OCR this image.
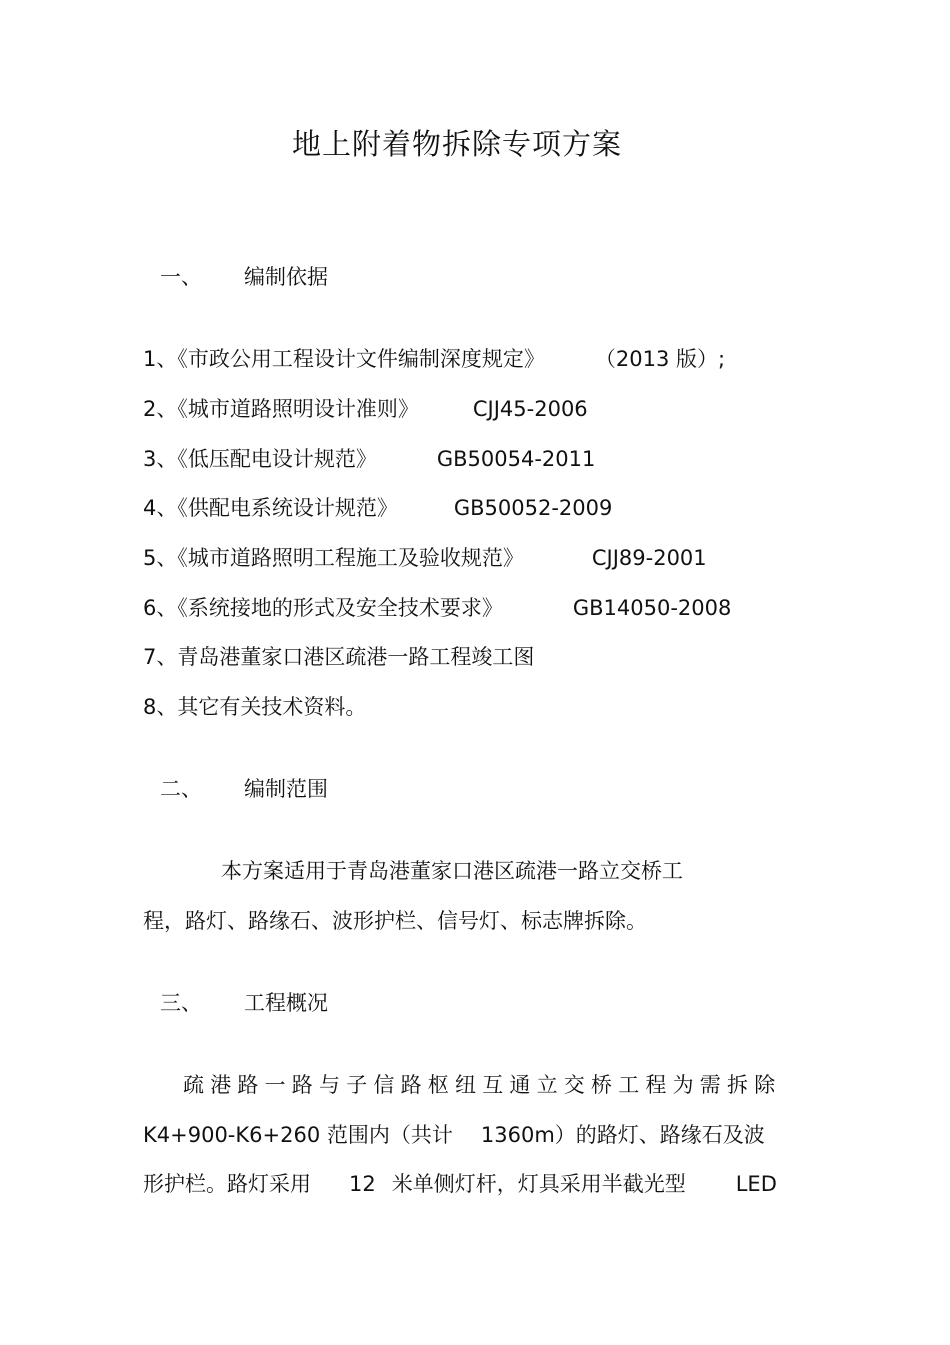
地上附着物拆除专项方案
一、 编制依据
1、《市政公用工程设计文件编制深度规定》 （2013 版）;
2、《城市道路照明设计准则》	CJJ45-2006
3、《低压配电设计规范》	GB50054-2011
4、《供配电系统设计规范》	GB50052-2009
5、《城市道路照明工程施工及验收规范》	CJJ89-2001
6、《系统接地的形式及安全技术要求》	GB14050-2008
7、青岛港董家口港区疏港一路工程竣工图
8、其它有关技术资料。
二、 编制范围
本方案适用于青岛港董家口港区疏港一路立交桥工
程，路灯、路缘石、波形护栏、信号灯、标志牌拆除。
三、 工程概况
疏港路一路与子信路枢纽互通立交桥工程为需拆除
K4+900-K6+260 范围内（共计 1360m）的路灯、路缘石及波
形护栏。路灯采用 12 米单侧灯杆，灯具采用半截光型 LED
